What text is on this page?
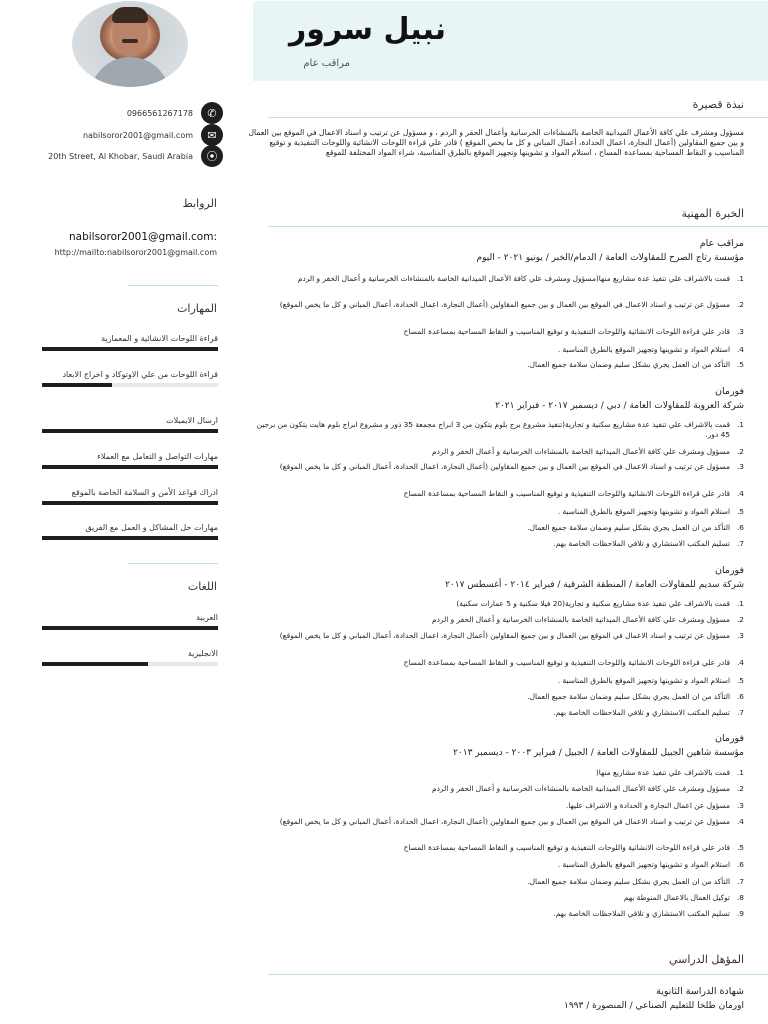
0966561267178	✆
nabilsoror2001@gmail.com	✉
20th Street, Al Khobar, Saudi Arabia	⦿
الروابط
nabilsoror2001@gmail.com:
http://mailto:nabilsoror2001@gmail.com
المهارات
قراءة اللوحات الانشائية و المعمارية
قراءة اللوحات من علي الاوتوكاد و اخراج الابعاد
ارسال الايميلات
مهارات التواصل و التعامل مع العملاء
ادراك قواعد الأمن و السلامة الخاصة بالموقع
مهارات حل المشاكل و العمل مع الفريق
اللغات
العربية
الانجليزية
نبيل سرور
مراقب عام
نبذة قصيرة
مسؤول ومشرف علي كافة الأعمال الميدانية الخاصة بالمنشاءات الخرسانية وأعمال الحفر و الردم ، و مسؤول عن ترتيب و اسناد الاعمال في الموقع بين العمال و بين جميع المقاولين (أعمال النجارة، اعمال الحدادة، أعمال المباني و كل ما يخص الموقع ) قادر علي قراءة اللوحات الانشائية واللوحات التنفيذية و توقيع المناسيب و النقاط المساحية بمساعدة المساح ، استلام المواد و تشوينها وتجهيز الموقع بالطرق المناسبة، شراء المواد المختلفة للموقع
الخبرة المهنية
مراقب عام
مؤسسة رتاج الصرح للمقاولات العامة / الدمام/الخبر / يونيو ٢٠٢١ - اليوم
1.
قمت بالاشراف علي تنفيذ عدة مشاريع منها(مسؤول ومشرف علي كافة الأعمال الميدانية الخاصة بالمنشاءات الخرسانية و أعمال الحفر و الردم
2.
مسؤول عن ترتيب و اسناد الاعمال في الموقع بين العمال و بين جميع المقاولين (أعمال النجارة، اعمال الحدادة، أعمال المباني و كل ما يخص الموقع)
3.
قادر علي قراءة اللوحات الانشائية واللوحات التنفيذية و توقيع المناسيب و النقاط المساحية بمساعدة المساح
4.
استلام المواد و تشوينها وتجهيز الموقع بالطرق المناسبة .
5.
التأكد من ان العمل يجري بشكل سليم وضمان سلامة جميع العمال.
فورمان
شركة العروبة للمقاولات العامة / دبي / ديسمبر ٢٠١٧ - فبراير ٢٠٢١
1.
قمت بالاشراف علي تنفيذ عدة مشاريع سكنية و تجارية(تنفيذ مشروع برج بلوم يتكون من 3 ابراج مجمعة 35 دور و مشروع ابراج بلوم هايت يتكون من برجين 45 دور.
2.
مسؤول ومشرف علي كافة الأعمال الميدانية الخاصة بالمنشاءات الخرسانية و أعمال الحفر و الردم
3.
مسؤول عن ترتيب و اسناد الاعمال في الموقع بين العمال و بين جميع المقاولين (أعمال النجارة، اعمال الحدادة، أعمال المباني و كل ما يخص الموقع)
4.
قادر علي قراءة اللوحات الانشائية واللوحات التنفيذية و توقيع المناسيب و النقاط المساحية بمساعدة المساح
5.
استلام المواد و تشوينها وتجهيز الموقع بالطرق المناسبة .
6.
التأكد من ان العمل يجري بشكل سليم وضمان سلامة جميع العمال.
7.
تسليم المكتب الاستشاري و تلافي الملاحظات الخاصة بهم.
فورمان
شركة سديم للمقاولات العامة / المنطقة الشرقية / فبراير ٢٠١٤ - أغسطس ٢٠١٧
1.
قمت بالاشراف علي تنفيذ عدة مشاريع سكنية و تجارية(20 فيلا سكنية و 5 عمارات سكنية)
2.
مسؤول ومشرف علي كافة الأعمال الميدانية الخاصة بالمنشاءات الخرسانية و أعمال الحفر و الردم
3.
مسؤول عن ترتيب و اسناد الاعمال في الموقع بين العمال و بين جميع المقاولين (أعمال النجارة، اعمال الحدادة، أعمال المباني و كل ما يخص الموقع)
4.
قادر علي قراءة اللوحات الانشائية واللوحات التنفيذية و توقيع المناسيب و النقاط المساحية بمساعدة المساح
5.
استلام المواد و تشوينها وتجهيز الموقع بالطرق المناسبة .
6.
التأكد من ان العمل يجري بشكل سليم وضمان سلامة جميع العمال.
7.
تسليم المكتب الاستشاري و تلافي الملاحظات الخاصة بهم.
فورمان
مؤسسة شاهين الجبيل للمقاولات العامة / الجبيل / فبراير ٢٠٠٣ - ديسمبر ٢٠١٣
1.
قمت بالاشراف علي تنفيذ عدة مشاريع منها(
2.
مسؤول ومشرف علي كافة الأعمال الميدانية الخاصة بالمنشاءات الخرسانية و أعمال الحفر و الردم
3.
مسؤول عن اعمال النجارة و الحدادة و الاشراف عليها.
4.
مسؤول عن ترتيب و اسناد الاعمال في الموقع بين العمال و بين جميع المقاولين (أعمال النجارة، اعمال الحدادة، أعمال المباني و كل ما يخص الموقع)
5.
قادر علي قراءة اللوحات الانشائية واللوحات التنفيذية و توقيع المناسيب و النقاط المساحية بمساعدة المساح
6.
استلام المواد و تشوينها وتجهيز الموقع بالطرق المناسبة .
7.
التأكد من ان العمل يجري بشكل سليم وضمان سلامة جميع العمال.
8.
توكيل العمال بالاعمال المنوطة بهم
9.
تسليم المكتب الاستشاري و تلافي الملاحظات الخاصة بهم.
المؤهل الدراسي
شهادة الدراسة الثانوية
اورمان طلخا للتعليم الصناعي / المنصورة / ١٩٩٣
